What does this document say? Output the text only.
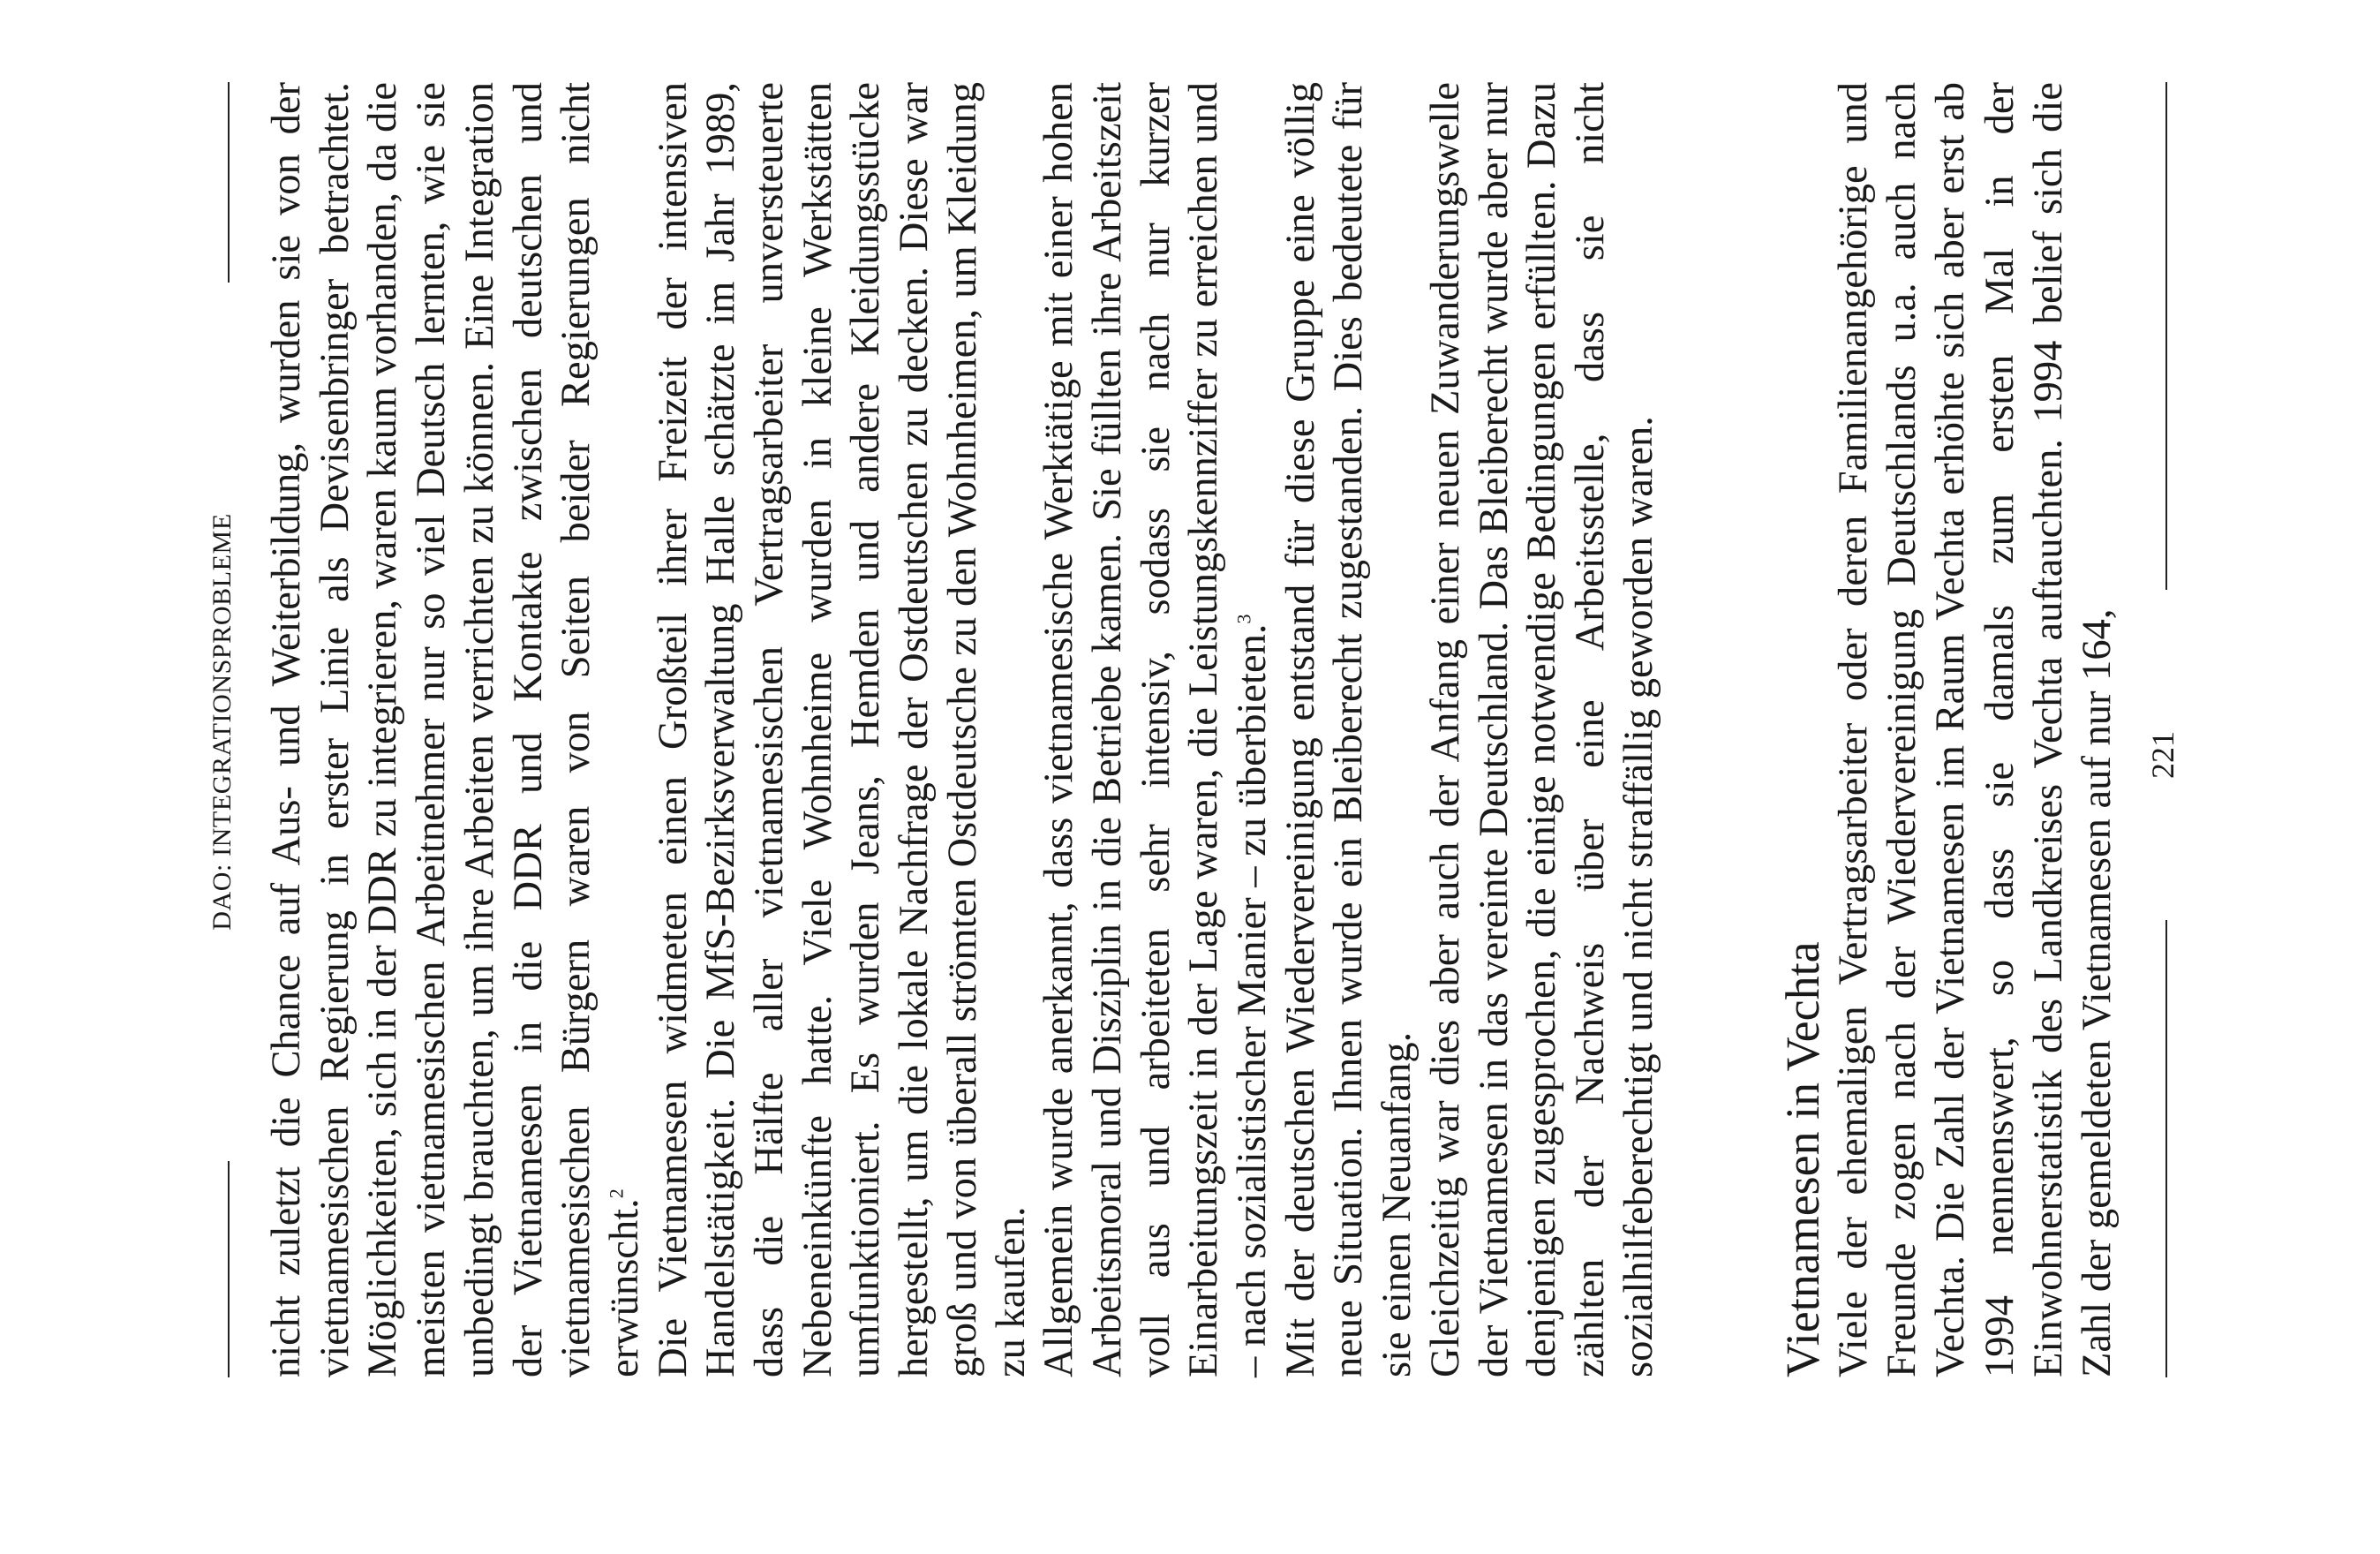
DAO: INTEGRATIONSPROBLEME nicht zuletzt die Chance auf Aus- und Weiterbildung, wurden sie von der vietnamesischen Regierung in erster Linie als Devisenbringer betrachtet. Möglichkeiten, sich in der DDR zu integrieren, waren kaum vorhanden, da die meisten vietnamesischen Arbeitnehmer nur so viel Deutsch lernten, wie sie unbedingt brauchten, um ihre Arbeiten verrichten zu können. Eine Integration der Vietnamesen in die DDR und Kontakte zwischen deutschen und vietnamesischen Bürgern waren von Seiten beider Regierungen nicht erwünscht.$^2$ Die Vietnamesen widmeten einen Großteil ihrer Freizeit der intensiven Handelstätigkeit. Die MfS-Bezirksverwaltung Halle schätzte im Jahr 1989, dass die Hälfte aller vietnamesischen Vertragsarbeiter unversteuerte Nebeneinkünfte hatte. Viele Wohnheime wurden in kleine Werkstätten umfunktioniert. Es wurden Jeans, Hemden und andere Kleidungsstücke hergestellt, um die lokale Nachfrage der Ostdeutschen zu decken. Diese war groß und von überall strömten Ostdeutsche zu den Wohnheimen, um Kleidung zu kaufen. Allgemein wurde anerkannt, dass vietnamesische Werktätige mit einer hohen Arbeitsmoral und Disziplin in die Betriebe kamen. Sie füllten ihre Arbeitszeit voll aus und arbeiteten sehr intensiv, sodass sie nach nur kurzer Einarbeitungszeit in der Lage waren, die Leistungskennziffer zu erreichen und – nach sozialistischer Manier – zu überbieten.$^3$ Mit der deutschen Wiedervereinigung entstand für diese Gruppe eine völlig neue Situation. Ihnen wurde ein Bleiberecht zugestanden. Dies bedeutete für sie einen Neuanfang. Gleichzeitig war dies aber auch der Anfang einer neuen Zuwanderungswelle der Vietnamesen in das vereinte Deutschland. Das Bleiberecht wurde aber nur denjenigen zugesprochen, die einige notwendige Bedingungen erfüllten. Dazu zählten der Nachweis über eine Arbeitsstelle, dass sie nicht sozialhilfeberechtigt und nicht straffällig geworden waren. Vietnamesen in Vechta Viele der ehemaligen Vertragsarbeiter oder deren Familienangehörige und Freunde zogen nach der Wiedervereinigung Deutschlands u.a. auch nach Vechta. Die Zahl der Vietnamesen im Raum Vechta erhöhte sich aber erst ab 1994 nennenswert, so dass sie damals zum ersten Mal in der Einwohnerstatistik des Landkreises Vechta auftauchten. 1994 belief sich die Zahl der gemeldeten Vietnamesen auf nur 164, 221
